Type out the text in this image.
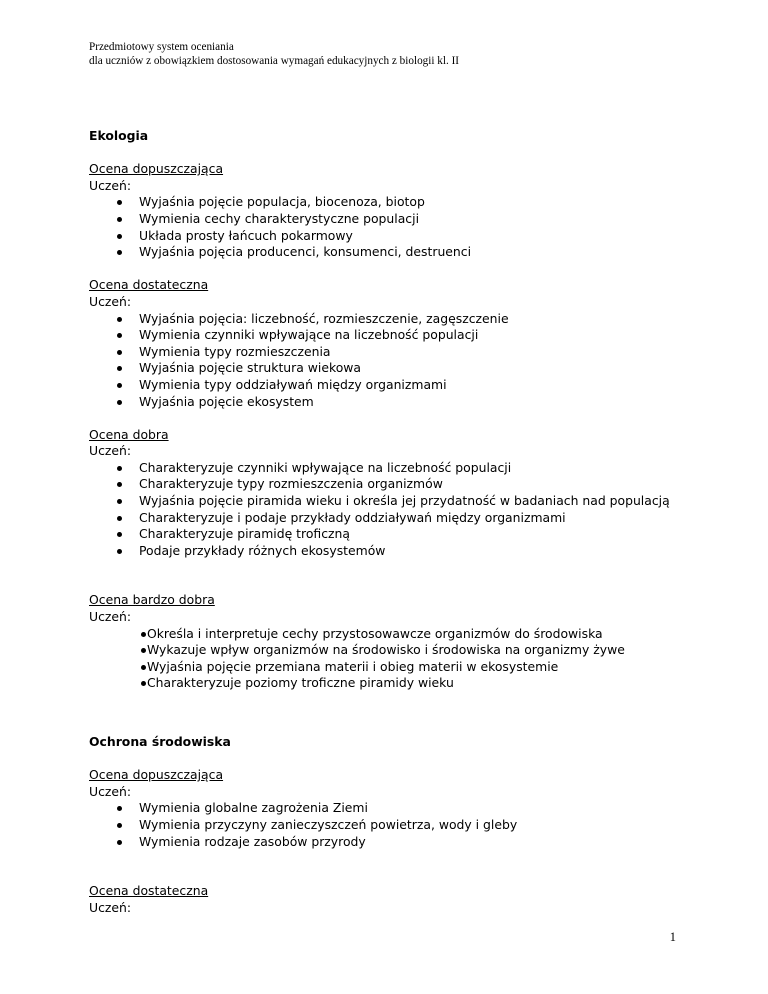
Przedmiotowy system oceniania
dla uczniów z obowiązkiem dostosowania wymagań edukacyjnych z biologii kl. II
Ekologia
Ocena dopuszczająca
Uczeń:
Wyjaśnia pojęcie populacja, biocenoza, biotop
Wymienia cechy charakterystyczne populacji
Układa prosty łańcuch pokarmowy
Wyjaśnia pojęcia producenci, konsumenci, destruenci
Ocena dostateczna
Uczeń:
Wyjaśnia pojęcia: liczebność, rozmieszczenie, zagęszczenie
Wymienia czynniki wpływające na liczebność populacji
Wymienia typy rozmieszczenia
Wyjaśnia pojęcie struktura wiekowa
Wymienia typy oddziaływań między organizmami
Wyjaśnia pojęcie ekosystem
Ocena dobra
Uczeń:
Charakteryzuje czynniki wpływające na liczebność populacji
Charakteryzuje typy rozmieszczenia organizmów
Wyjaśnia pojęcie piramida wieku i określa jej przydatność w badaniach nad populacją
Charakteryzuje i podaje przykłady oddziaływań między organizmami
Charakteryzuje piramidę troficzną
Podaje przykłady różnych ekosystemów
Ocena bardzo dobra
Uczeń:
Określa i interpretuje cechy przystosowawcze organizmów do środowiska
Wykazuje wpływ organizmów na środowisko i środowiska na organizmy żywe
Wyjaśnia pojęcie przemiana materii i obieg materii w ekosystemie
Charakteryzuje poziomy troficzne piramidy wieku
Ochrona środowiska
Ocena dopuszczająca
Uczeń:
Wymienia globalne zagrożenia Ziemi
Wymienia przyczyny zanieczyszczeń powietrza, wody i gleby
Wymienia rodzaje zasobów przyrody
Ocena dostateczna
Uczeń:
1
